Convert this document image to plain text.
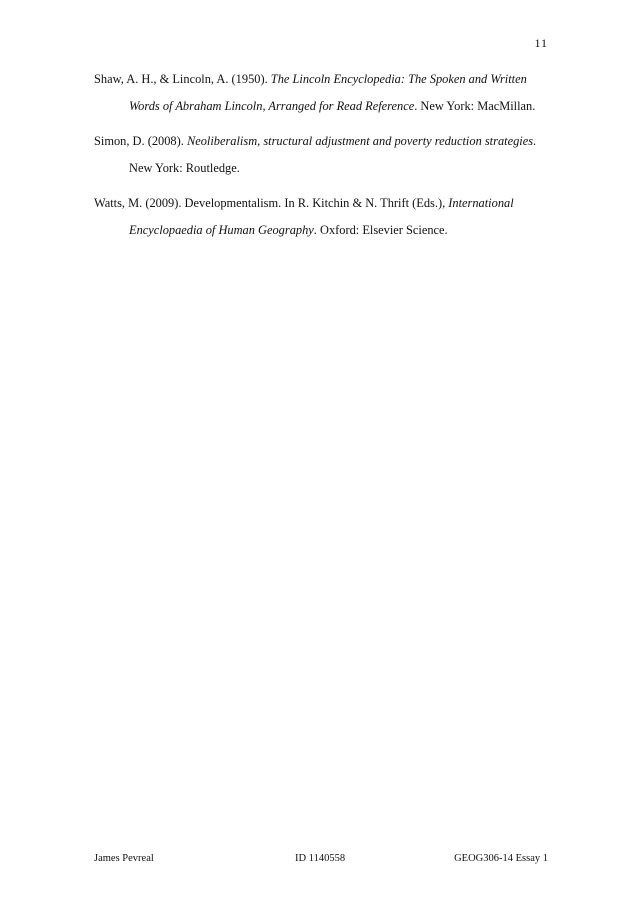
11

Shaw, A. H., & Lincoln, A. (1950). The Lincoln Encyclopedia: The Spoken and Written Words of Abraham Lincoln, Arranged for Read Reference. New York: MacMillan.

Simon, D. (2008). Neoliberalism, structural adjustment and poverty reduction strategies. New York: Routledge.

Watts, M. (2009). Developmentalism. In R. Kitchin & N. Thrift (Eds.), International Encyclopaedia of Human Geography. Oxford: Elsevier Science.

James Pevreal	ID 1140558	GEOG306-14 Essay 1
